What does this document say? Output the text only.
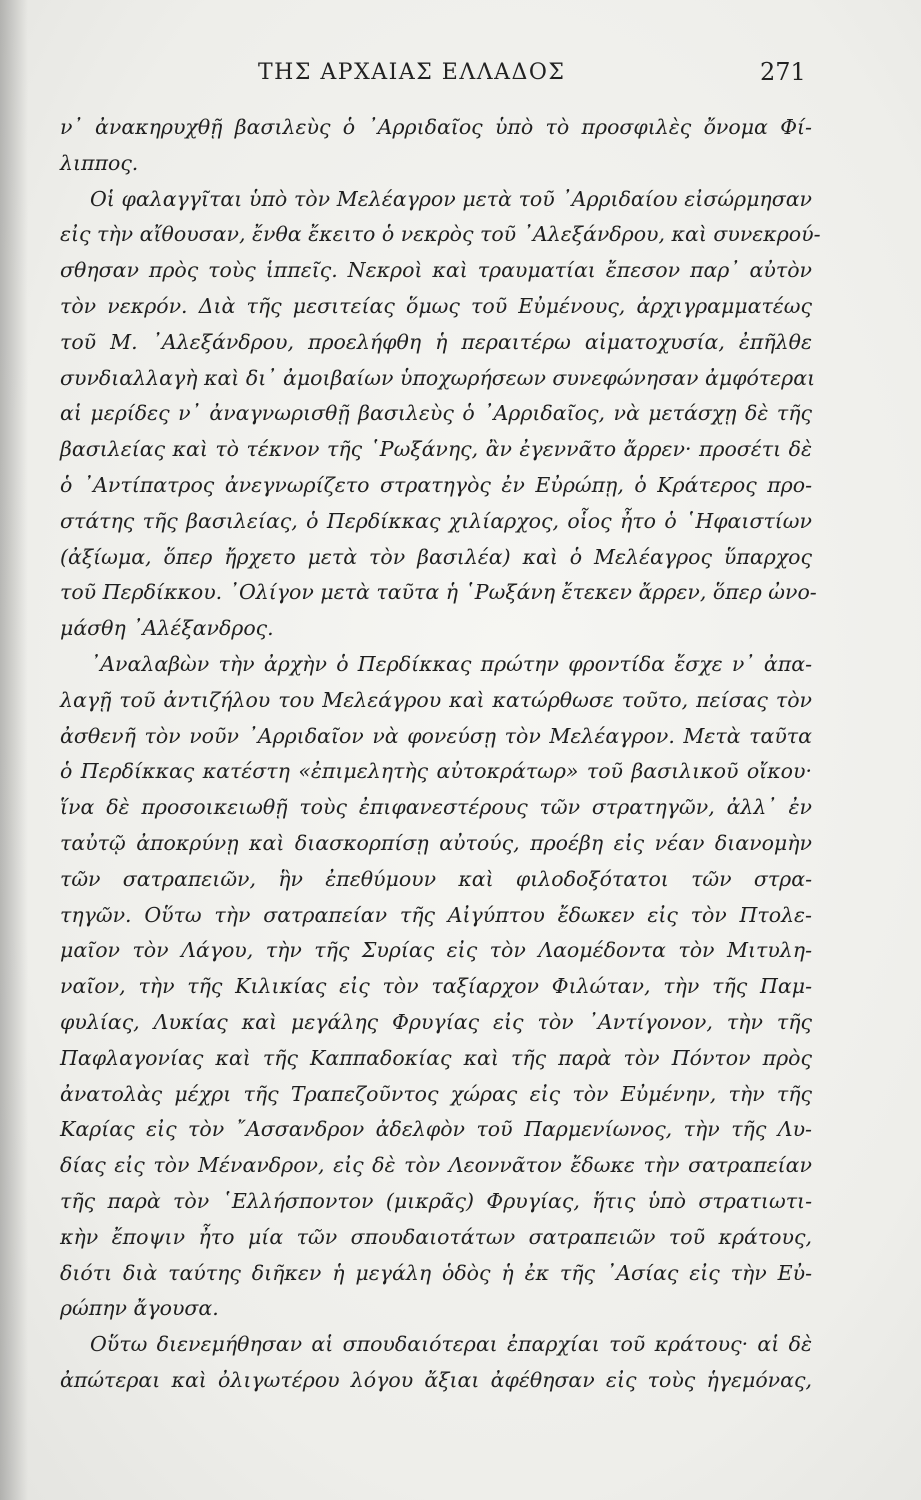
ΤΗΣ ΑΡΧΑΙΑΣ ΕΛΛΑΔΟΣ	271
ν᾽ ἀνακηρυχθῇ βασιλεὺς ὁ ᾽Αρριδαῖος ὑπὸ τὸ προσφιλὲς ὄνομα Φί-
λιππος.
Οἱ φαλαγγῖται ὑπὸ τὸν Μελέαγρον μετὰ τοῦ ᾽Αρριδαίου εἰσώρμησαν
εἰς τὴν αἴθουσαν, ἔνθα ἔκειτο ὁ νεκρὸς τοῦ ᾽Αλεξάνδρου, καὶ συνεκρού-
σθησαν πρὸς τοὺς ἱππεῖς. Νεκροὶ καὶ τραυματίαι ἔπεσον παρ᾽ αὐτὸν
τὸν νεκρόν. Διὰ τῆς μεσιτείας ὅμως τοῦ Εὐμένους, ἀρχιγραμματέως
τοῦ Μ. ᾽Αλεξάνδρου, προελήφθη ἡ περαιτέρω αἱματοχυσία, ἐπῆλθε
συνδιαλλαγὴ καὶ δι᾽ ἀμοιβαίων ὑποχωρήσεων συνεφώνησαν ἀμφότεραι
αἱ μερίδες ν᾽ ἀναγνωρισθῇ βασιλεὺς ὁ ᾽Αρριδαῖος, νὰ μετάσχῃ δὲ τῆς
βασιλείας καὶ τὸ τέκνον τῆς ῾Ρωξάνης, ἂν ἐγεννᾶτο ἄρρεν· προσέτι δὲ
ὁ ᾽Αντίπατρος ἀνεγνωρίζετο στρατηγὸς ἐν Εὐρώπῃ, ὁ Κράτερος προ-
στάτης τῆς βασιλείας, ὁ Περδίκκας χιλίαρχος, οἷος ἦτο ὁ ῾Ηφαιστίων
(ἀξίωμα, ὅπερ ἤρχετο μετὰ τὸν βασιλέα) καὶ ὁ Μελέαγρος ὕπαρχος
τοῦ Περδίκκου. ᾽Ολίγον μετὰ ταῦτα ἡ ῾Ρωξάνη ἔτεκεν ἄρρεν, ὅπερ ὠνο-
μάσθη ᾽Αλέξανδρος.
᾽Αναλαβὼν τὴν ἀρχὴν ὁ Περδίκκας πρώτην φροντίδα ἔσχε ν᾽ ἀπα-
λαγῇ τοῦ ἀντιζήλου του Μελεάγρου καὶ κατώρθωσε τοῦτο, πείσας τὸν
ἀσθενῆ τὸν νοῦν ᾽Αρριδαῖον νὰ φονεύσῃ τὸν Μελέαγρον. Μετὰ ταῦτα
ὁ Περδίκκας κατέστη «ἐπιμελητὴς αὐτοκράτωρ» τοῦ βασιλικοῦ οἴκου·
ἵνα δὲ προσοικειωθῇ τοὺς ἐπιφανεστέρους τῶν στρατηγῶν, ἀλλ᾽ ἐν
ταὐτῷ ἀποκρύνῃ καὶ διασκορπίσῃ αὐτούς, προέβη εἰς νέαν διανομὴν
τῶν σατραπειῶν, ἣν ἐπεθύμουν καὶ φιλοδοξότατοι τῶν στρα-
τηγῶν. Οὕτω τὴν σατραπείαν τῆς Αἰγύπτου ἔδωκεν εἰς τὸν Πτολε-
μαῖον τὸν Λάγου, τὴν τῆς Συρίας εἰς τὸν Λαομέδοντα τὸν Μιτυλη-
ναῖον, τὴν τῆς Κιλικίας εἰς τὸν ταξίαρχον Φιλώταν, τὴν τῆς Παμ-
φυλίας, Λυκίας καὶ μεγάλης Φρυγίας εἰς τὸν ᾽Αντίγονον, τὴν τῆς
Παφλαγονίας καὶ τῆς Καππαδοκίας καὶ τῆς παρὰ τὸν Πόντον πρὸς
ἀνατολὰς μέχρι τῆς Τραπεζοῦντος χώρας εἰς τὸν Εὐμένην, τὴν τῆς
Καρίας εἰς τὸν ῎Ασσανδρον ἀδελφὸν τοῦ Παρμενίωνος, τὴν τῆς Λυ-
δίας εἰς τὸν Μένανδρον, εἰς δὲ τὸν Λεοννᾶτον ἔδωκε τὴν σατραπείαν
τῆς παρὰ τὸν ῾Ελλήσποντον (μικρᾶς) Φρυγίας, ἥτις ὑπὸ στρατιωτι-
κὴν ἔποψιν ἦτο μία τῶν σπουδαιοτάτων σατραπειῶν τοῦ κράτους,
διότι διὰ ταύτης διῆκεν ἡ μεγάλη ὁδὸς ἡ ἐκ τῆς ᾽Ασίας εἰς τὴν Εὐ-
ρώπην ἄγουσα.
Οὕτω διενεμήθησαν αἱ σπουδαιότεραι ἐπαρχίαι τοῦ κράτους· αἱ δὲ
ἀπώτεραι καὶ ὀλιγωτέρου λόγου ἄξιαι ἀφέθησαν εἰς τοὺς ἡγεμόνας,
